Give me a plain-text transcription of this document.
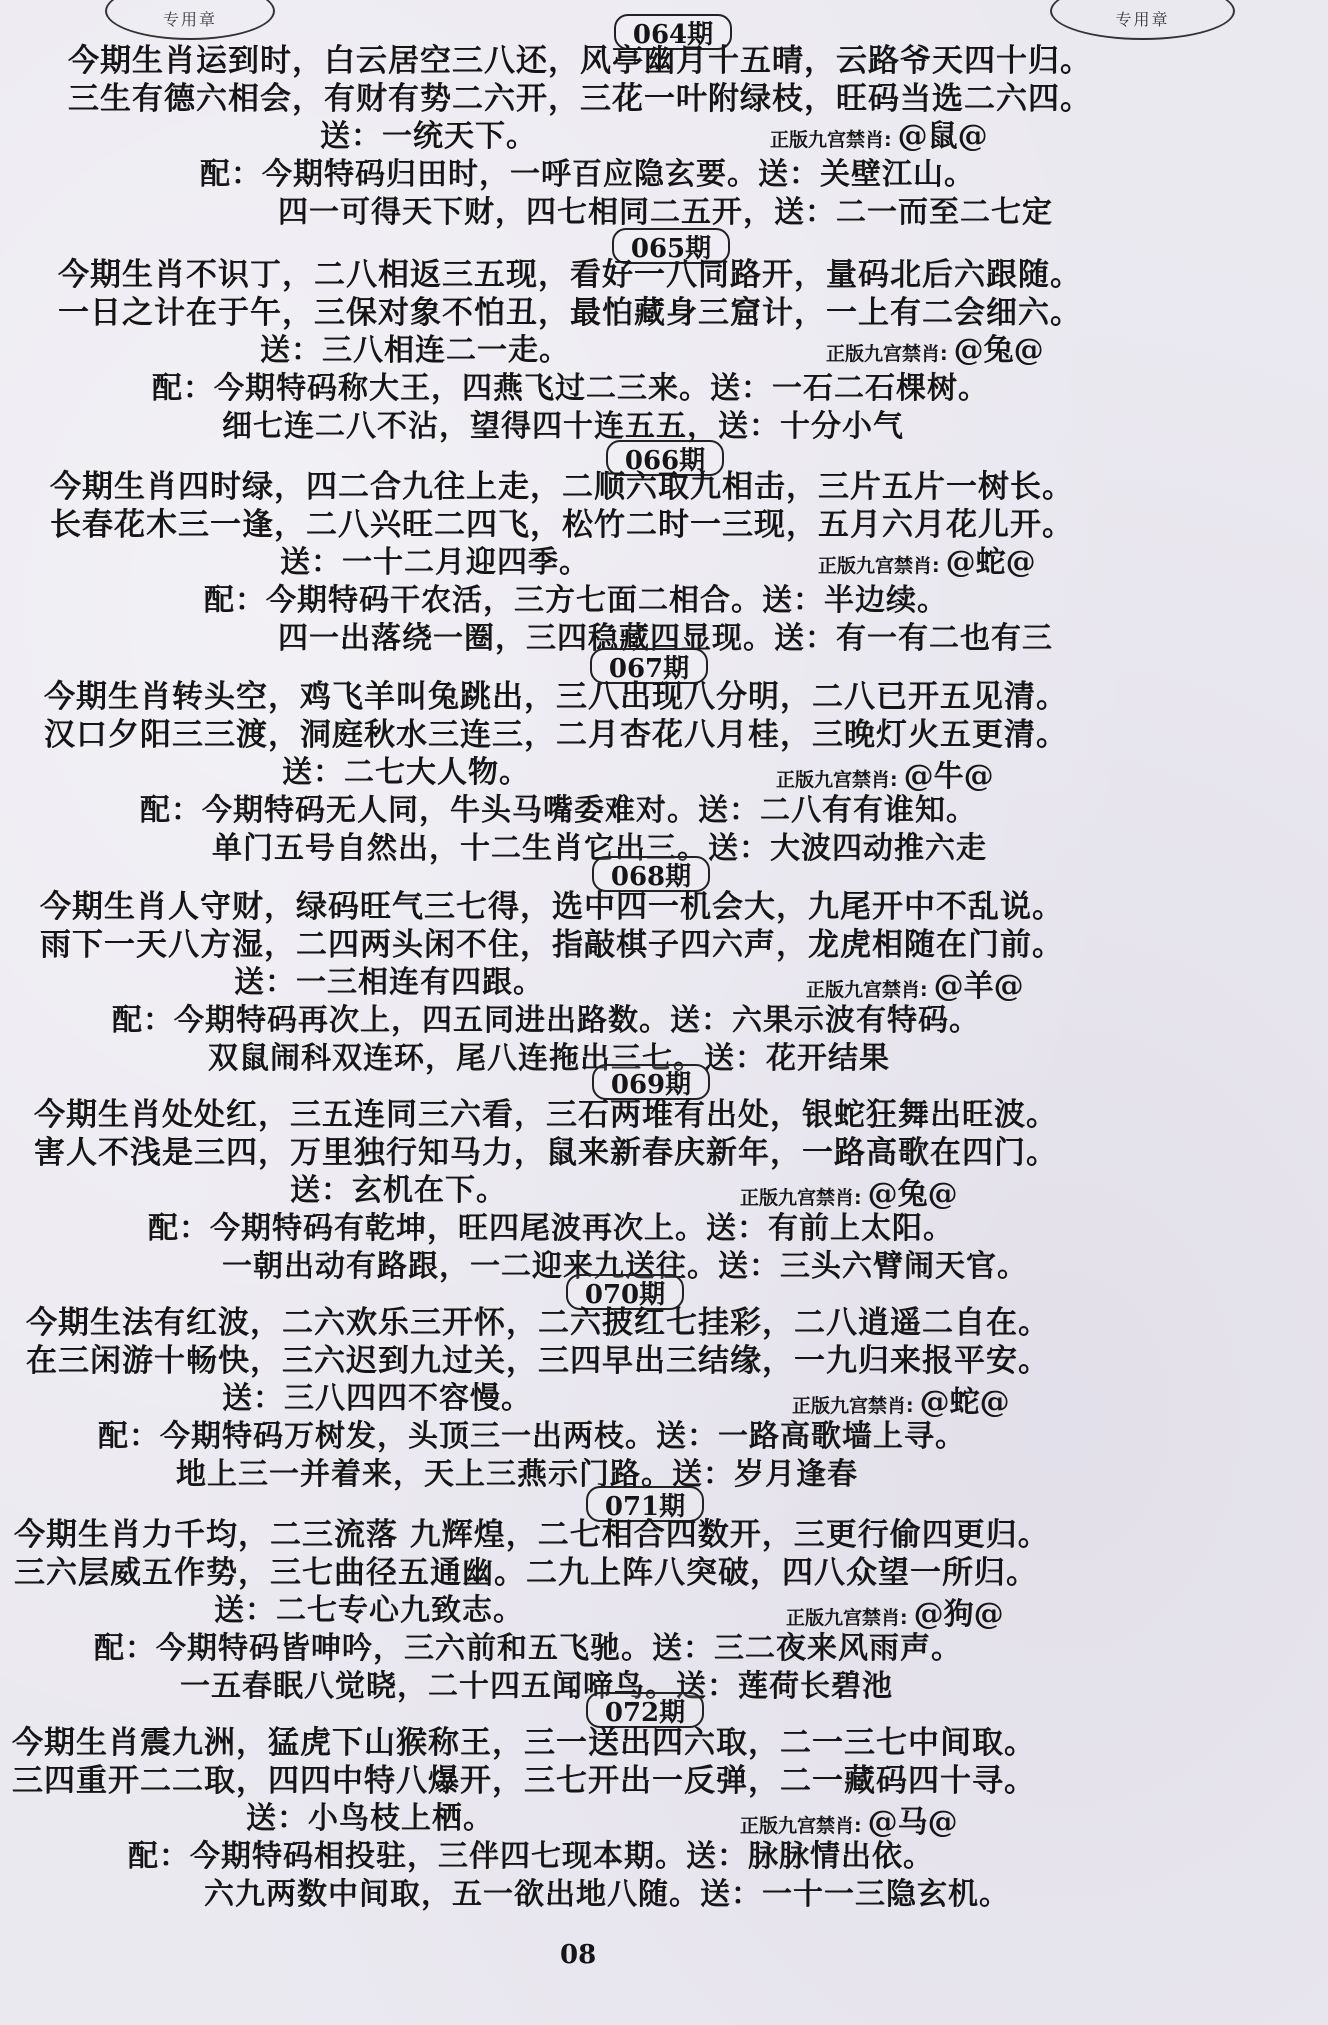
专用章	专用章
064期
今期生肖运到时，白云居空三八还，风亭幽月十五晴，云路爷天四十归。
三生有德六相会，有财有势二六开，三花一叶附绿枝，旺码当选二六四。
送：一统天下。	正版九宫禁肖: @鼠@
配：今期特码归田时，一呼百应隐玄要。送：关壁江山。
四一可得天下财，四七相同二五开，送：二一而至二七定
065期
今期生肖不识丁，二八相返三五现，看好一八同路开，量码北后六跟随。
一日之计在于午，三保对象不怕丑，最怕藏身三窟计，一上有二会细六。
送：三八相连二一走。	正版九宫禁肖: @兔@
配：今期特码称大王，四燕飞过二三来。送：一石二石棵树。
细七连二八不沾，望得四十连五五，送：十分小气
066期
今期生肖四时绿，四二合九往上走，二顺六取九相击，三片五片一树长。
长春花木三一逢，二八兴旺二四飞，松竹二时一三现，五月六月花儿开。
送：一十二月迎四季。	正版九宫禁肖: @蛇@
配：今期特码干农活，三方七面二相合。送：半边续。
四一出落绕一圈，三四稳藏四显现。送：有一有二也有三
067期
今期生肖转头空，鸡飞羊叫兔跳出，三八出现八分明，二八已开五见清。
汉口夕阳三三渡，洞庭秋水三连三，二月杏花八月桂，三晚灯火五更清。
送：二七大人物。	正版九宫禁肖: @牛@
配：今期特码无人同，牛头马嘴委难对。送：二八有有谁知。
单门五号自然出，十二生肖它出三。送：大波四动推六走
068期
今期生肖人守财，绿码旺气三七得，选中四一机会大，九尾开中不乱说。
雨下一天八方湿，二四两头闲不住，指敲棋子四六声，龙虎相随在门前。
送：一三相连有四跟。	正版九宫禁肖: @羊@
配：今期特码再次上，四五同进出路数。送：六果示波有特码。
双鼠闹科双连环，尾八连拖出三七。送：花开结果
069期
今期生肖处处红，三五连同三六看，三石两堆有出处，银蛇狂舞出旺波。
害人不浅是三四，万里独行知马力，鼠来新春庆新年，一路高歌在四门。
送：玄机在下。	正版九宫禁肖: @兔@
配：今期特码有乾坤，旺四尾波再次上。送：有前上太阳。
一朝出动有路跟，一二迎来九送往。送：三头六臂闹天官。
070期
今期生法有红波，二六欢乐三开怀，二六披红七挂彩，二八逍遥二自在。
在三闲游十畅快，三六迟到九过关，三四早出三结缘，一九归来报平安。
送：三八四四不容慢。	正版九宫禁肖: @蛇@
配：今期特码万树发，头顶三一出两枝。送：一路高歌墙上寻。
地上三一并着来，天上三燕示门路。送：岁月逢春
071期
今期生肖力千均，二三流落 九辉煌，二七相合四数开，三更行偷四更归。
三六层威五作势，三七曲径五通幽。二九上阵八突破，四八众望一所归。
送：二七专心九致志。	正版九宫禁肖: @狗@
配：今期特码皆呻吟，三六前和五飞驰。送：三二夜来风雨声。
一五春眠八觉晓，二十四五闻啼鸟。送：莲荷长碧池
072期
今期生肖震九洲，猛虎下山猴称王，三一送出四六取，二一三七中间取。
三四重开二二取，四四中特八爆开，三七开出一反弹，二一藏码四十寻。
送：小鸟枝上栖。	正版九宫禁肖: @马@
配：今期特码相投驻，三伴四七现本期。送：脉脉情出依。
六九两数中间取，五一欲出地八随。送：一十一三隐玄机。
08
